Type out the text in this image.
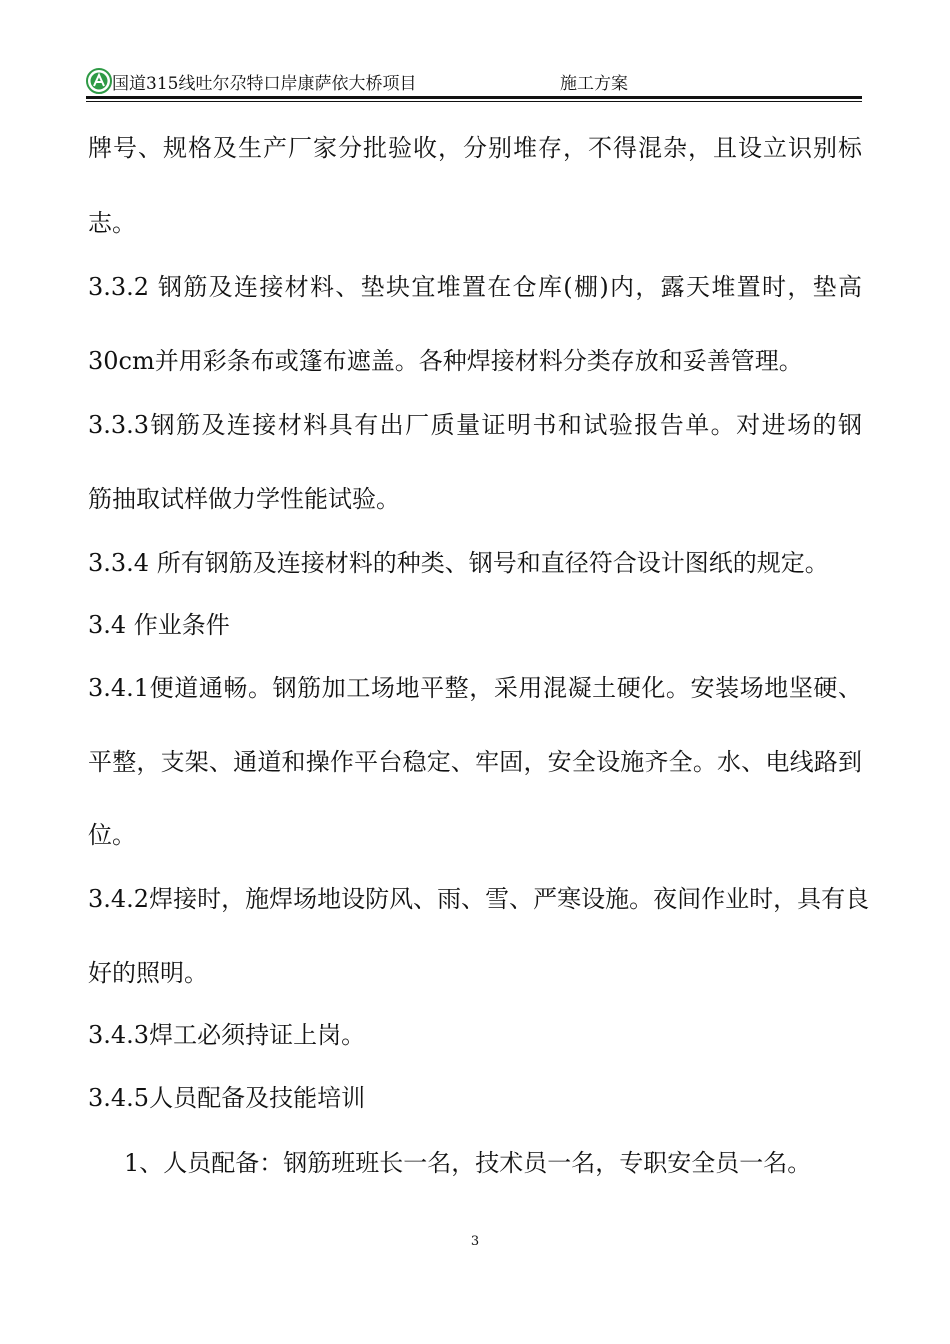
国道315线吐尔尕特口岸康萨依大桥项目	施工方案
牌号、规格及生产厂家分批验收，分别堆存，不得混杂，且设立识别标
志。
3.3.2 钢筋及连接材料、垫块宜堆置在仓库(棚)内，露天堆置时，垫高
30cm并用彩条布或篷布遮盖。各种焊接材料分类存放和妥善管理。
3.3.3钢筋及连接材料具有出厂质量证明书和试验报告单。对进场的钢
筋抽取试样做力学性能试验。
3.3.4 所有钢筋及连接材料的种类、钢号和直径符合设计图纸的规定。
3.4 作业条件
3.4.1便道通畅。钢筋加工场地平整，采用混凝土硬化。安装场地坚硬、
平整，支架、通道和操作平台稳定、牢固，安全设施齐全。水、电线路到
位。
3.4.2焊接时，施焊场地设防风、雨、雪、严寒设施。夜间作业时，具有良
好的照明。
3.4.3焊工必须持证上岗。
3.4.5人员配备及技能培训
1、人员配备：钢筋班班长一名，技术员一名，专职安全员一名。
3
